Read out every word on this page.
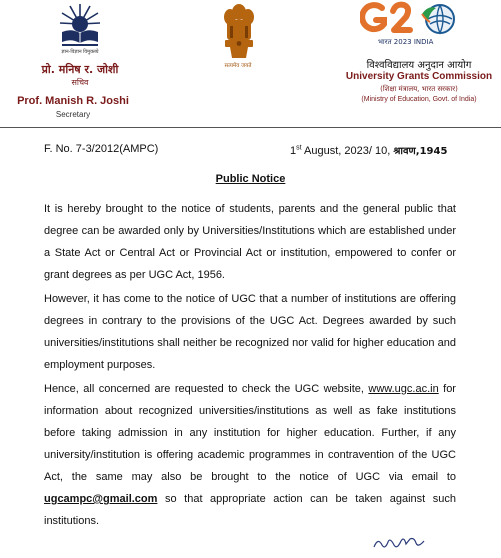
ज्ञान-विज्ञान विमुक्तये
प्रो. मनिष र. जोशी
सचिव
Prof. Manish R. Joshi
Secretary
सत्यमेव जयते
भारत 2023 INDIA
विश्वविद्यालय अनुदान आयोग
University Grants Commission
(शिक्षा मंत्रालय, भारत सरकार)
(Ministry of Education, Govt. of India)
F. No. 7-3/2012(AMPC)	1st August, 2023/ 10, श्रावण,1945
Public Notice

It is hereby brought to the notice of students, parents and the general public that degree can be awarded only by Universities/Institutions which are established under a State Act or Central Act or Provincial Act or institution, empowered to confer or grant degrees as per UGC Act, 1956.

However, it has come to the notice of UGC that a number of institutions are offering degrees in contrary to the provisions of the UGC Act. Degrees awarded by such universities/institutions shall neither be recognized nor valid for higher education and employment purposes.

Hence, all concerned are requested to check the UGC website, www.ugc.ac.in for information about recognized universities/institutions as well as fake institutions before taking admission in any institution for higher education. Further, if any university/institution is offering academic programmes in contravention of the UGC Act, the same may also be brought to the notice of UGC via email to ugcampc@gmail.com so that appropriate action can be taken against such institutions.
